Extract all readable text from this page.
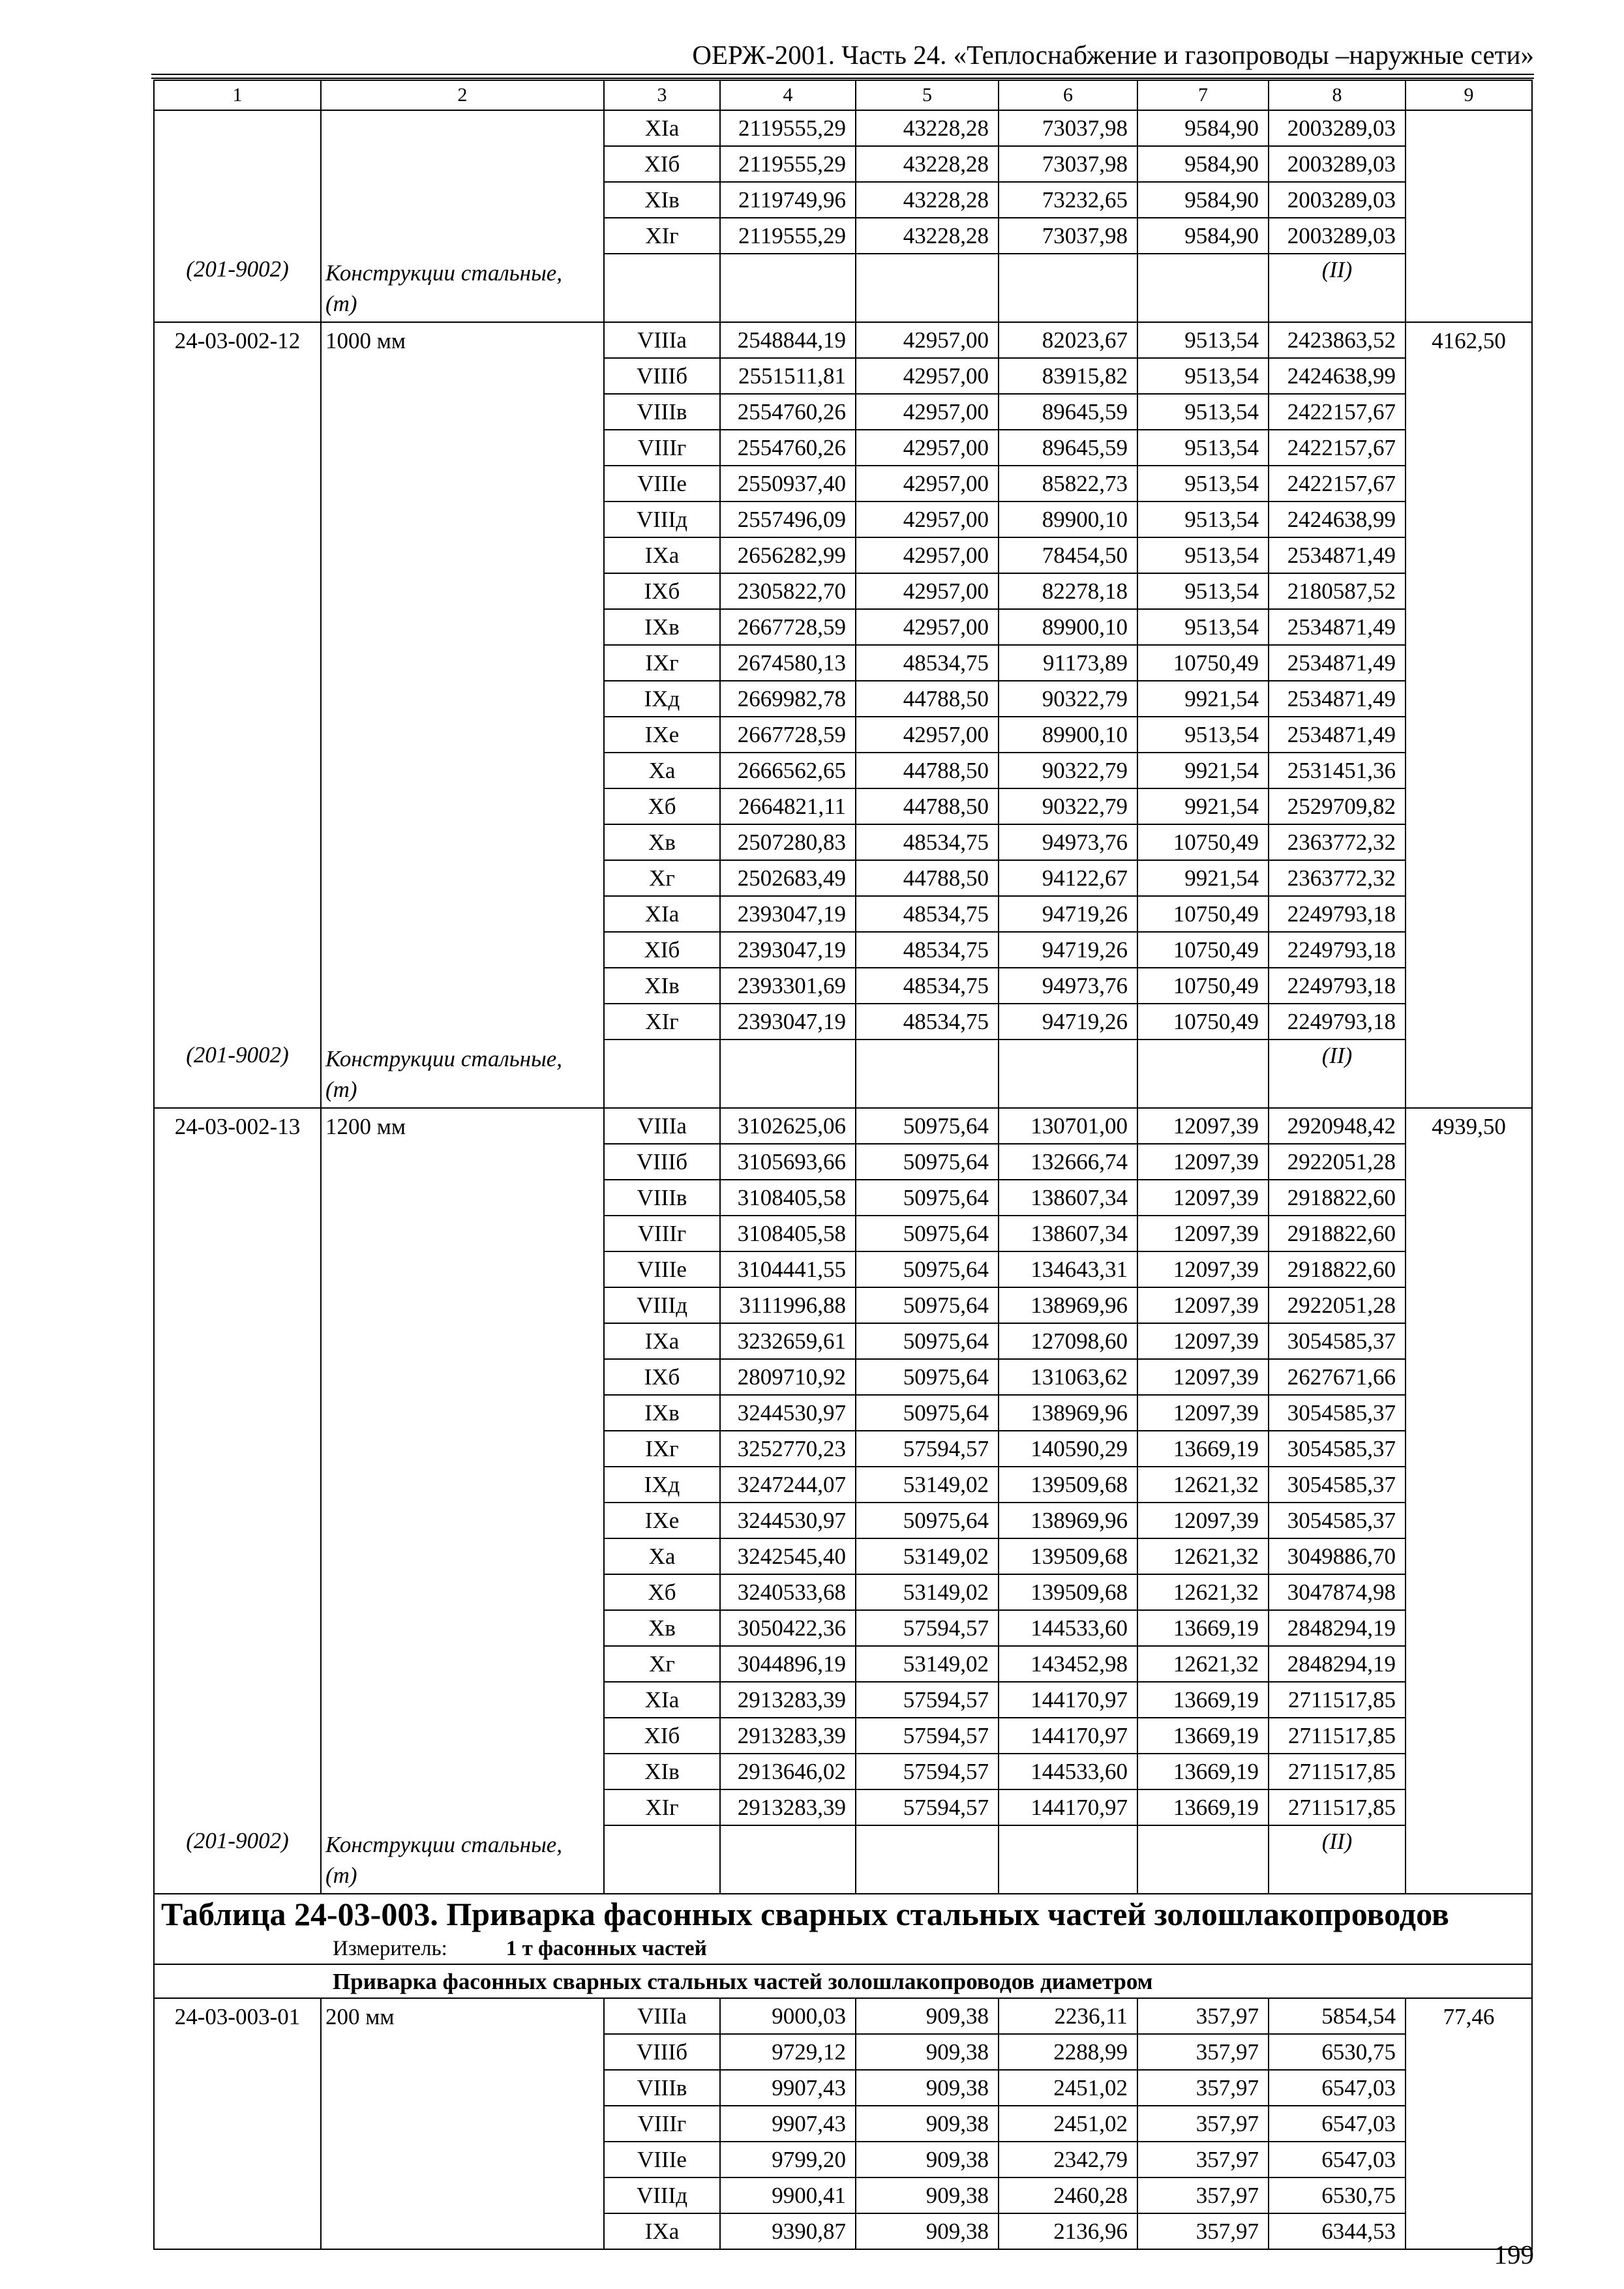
ОЕРЖ-2001. Часть 24. «Теплоснабжение и газопроводы –наружные сети»
1	2	3	4	5	6	7	8	9
		XIа	2119555,29	43228,28	73037,98	9584,90	2003289,03	
		XIб	2119555,29	43228,28	73037,98	9584,90	2003289,03	
		XIв	2119749,96	43228,28	73232,65	9584,90	2003289,03	
		XIг	2119555,29	43228,28	73037,98	9584,90	2003289,03	
(201-9002)	Конструкции стальные, (т)						(II)	
24-03-002-12	1000 мм	VIIIа	2548844,19	42957,00	82023,67	9513,54	2423863,52	4162,50
		VIIIб	2551511,81	42957,00	83915,82	9513,54	2424638,99	
		VIIIв	2554760,26	42957,00	89645,59	9513,54	2422157,67	
		VIIIг	2554760,26	42957,00	89645,59	9513,54	2422157,67	
		VIIIе	2550937,40	42957,00	85822,73	9513,54	2422157,67	
		VIIIд	2557496,09	42957,00	89900,10	9513,54	2424638,99	
		IXа	2656282,99	42957,00	78454,50	9513,54	2534871,49	
		IXб	2305822,70	42957,00	82278,18	9513,54	2180587,52	
		IXв	2667728,59	42957,00	89900,10	9513,54	2534871,49	
		IXг	2674580,13	48534,75	91173,89	10750,49	2534871,49	
		IXд	2669982,78	44788,50	90322,79	9921,54	2534871,49	
		IXе	2667728,59	42957,00	89900,10	9513,54	2534871,49	
		Xа	2666562,65	44788,50	90322,79	9921,54	2531451,36	
		Xб	2664821,11	44788,50	90322,79	9921,54	2529709,82	
		Xв	2507280,83	48534,75	94973,76	10750,49	2363772,32	
		Xг	2502683,49	44788,50	94122,67	9921,54	2363772,32	
		XIа	2393047,19	48534,75	94719,26	10750,49	2249793,18	
		XIб	2393047,19	48534,75	94719,26	10750,49	2249793,18	
		XIв	2393301,69	48534,75	94973,76	10750,49	2249793,18	
		XIг	2393047,19	48534,75	94719,26	10750,49	2249793,18	
(201-9002)	Конструкции стальные, (т)						(II)	
24-03-002-13	1200 мм	VIIIа	3102625,06	50975,64	130701,00	12097,39	2920948,42	4939,50
		VIIIб	3105693,66	50975,64	132666,74	12097,39	2922051,28	
		VIIIв	3108405,58	50975,64	138607,34	12097,39	2918822,60	
		VIIIг	3108405,58	50975,64	138607,34	12097,39	2918822,60	
		VIIIе	3104441,55	50975,64	134643,31	12097,39	2918822,60	
		VIIIд	3111996,88	50975,64	138969,96	12097,39	2922051,28	
		IXа	3232659,61	50975,64	127098,60	12097,39	3054585,37	
		IXб	2809710,92	50975,64	131063,62	12097,39	2627671,66	
		IXв	3244530,97	50975,64	138969,96	12097,39	3054585,37	
		IXг	3252770,23	57594,57	140590,29	13669,19	3054585,37	
		IXд	3247244,07	53149,02	139509,68	12621,32	3054585,37	
		IXе	3244530,97	50975,64	138969,96	12097,39	3054585,37	
		Xа	3242545,40	53149,02	139509,68	12621,32	3049886,70	
		Xб	3240533,68	53149,02	139509,68	12621,32	3047874,98	
		Xв	3050422,36	57594,57	144533,60	13669,19	2848294,19	
		Xг	3044896,19	53149,02	143452,98	12621,32	2848294,19	
		XIа	2913283,39	57594,57	144170,97	13669,19	2711517,85	
		XIб	2913283,39	57594,57	144170,97	13669,19	2711517,85	
		XIв	2913646,02	57594,57	144533,60	13669,19	2711517,85	
		XIг	2913283,39	57594,57	144170,97	13669,19	2711517,85	
(201-9002)	Конструкции стальные, (т)						(II)	
Таблица 24-03-003. Приварка фасонных сварных стальных частей золошлакопроводов								
Измеритель: 1 т фасонных частей								
Приварка фасонных сварных стальных частей золошлакопроводов диаметром								
24-03-003-01	200 мм	VIIIа	9000,03	909,38	2236,11	357,97	5854,54	77,46
		VIIIб	9729,12	909,38	2288,99	357,97	6530,75	
		VIIIв	9907,43	909,38	2451,02	357,97	6547,03	
		VIIIг	9907,43	909,38	2451,02	357,97	6547,03	
		VIIIе	9799,20	909,38	2342,79	357,97	6547,03	
		VIIIд	9900,41	909,38	2460,28	357,97	6530,75	
		IXа	9390,87	909,38	2136,96	357,97	6344,53	
199
